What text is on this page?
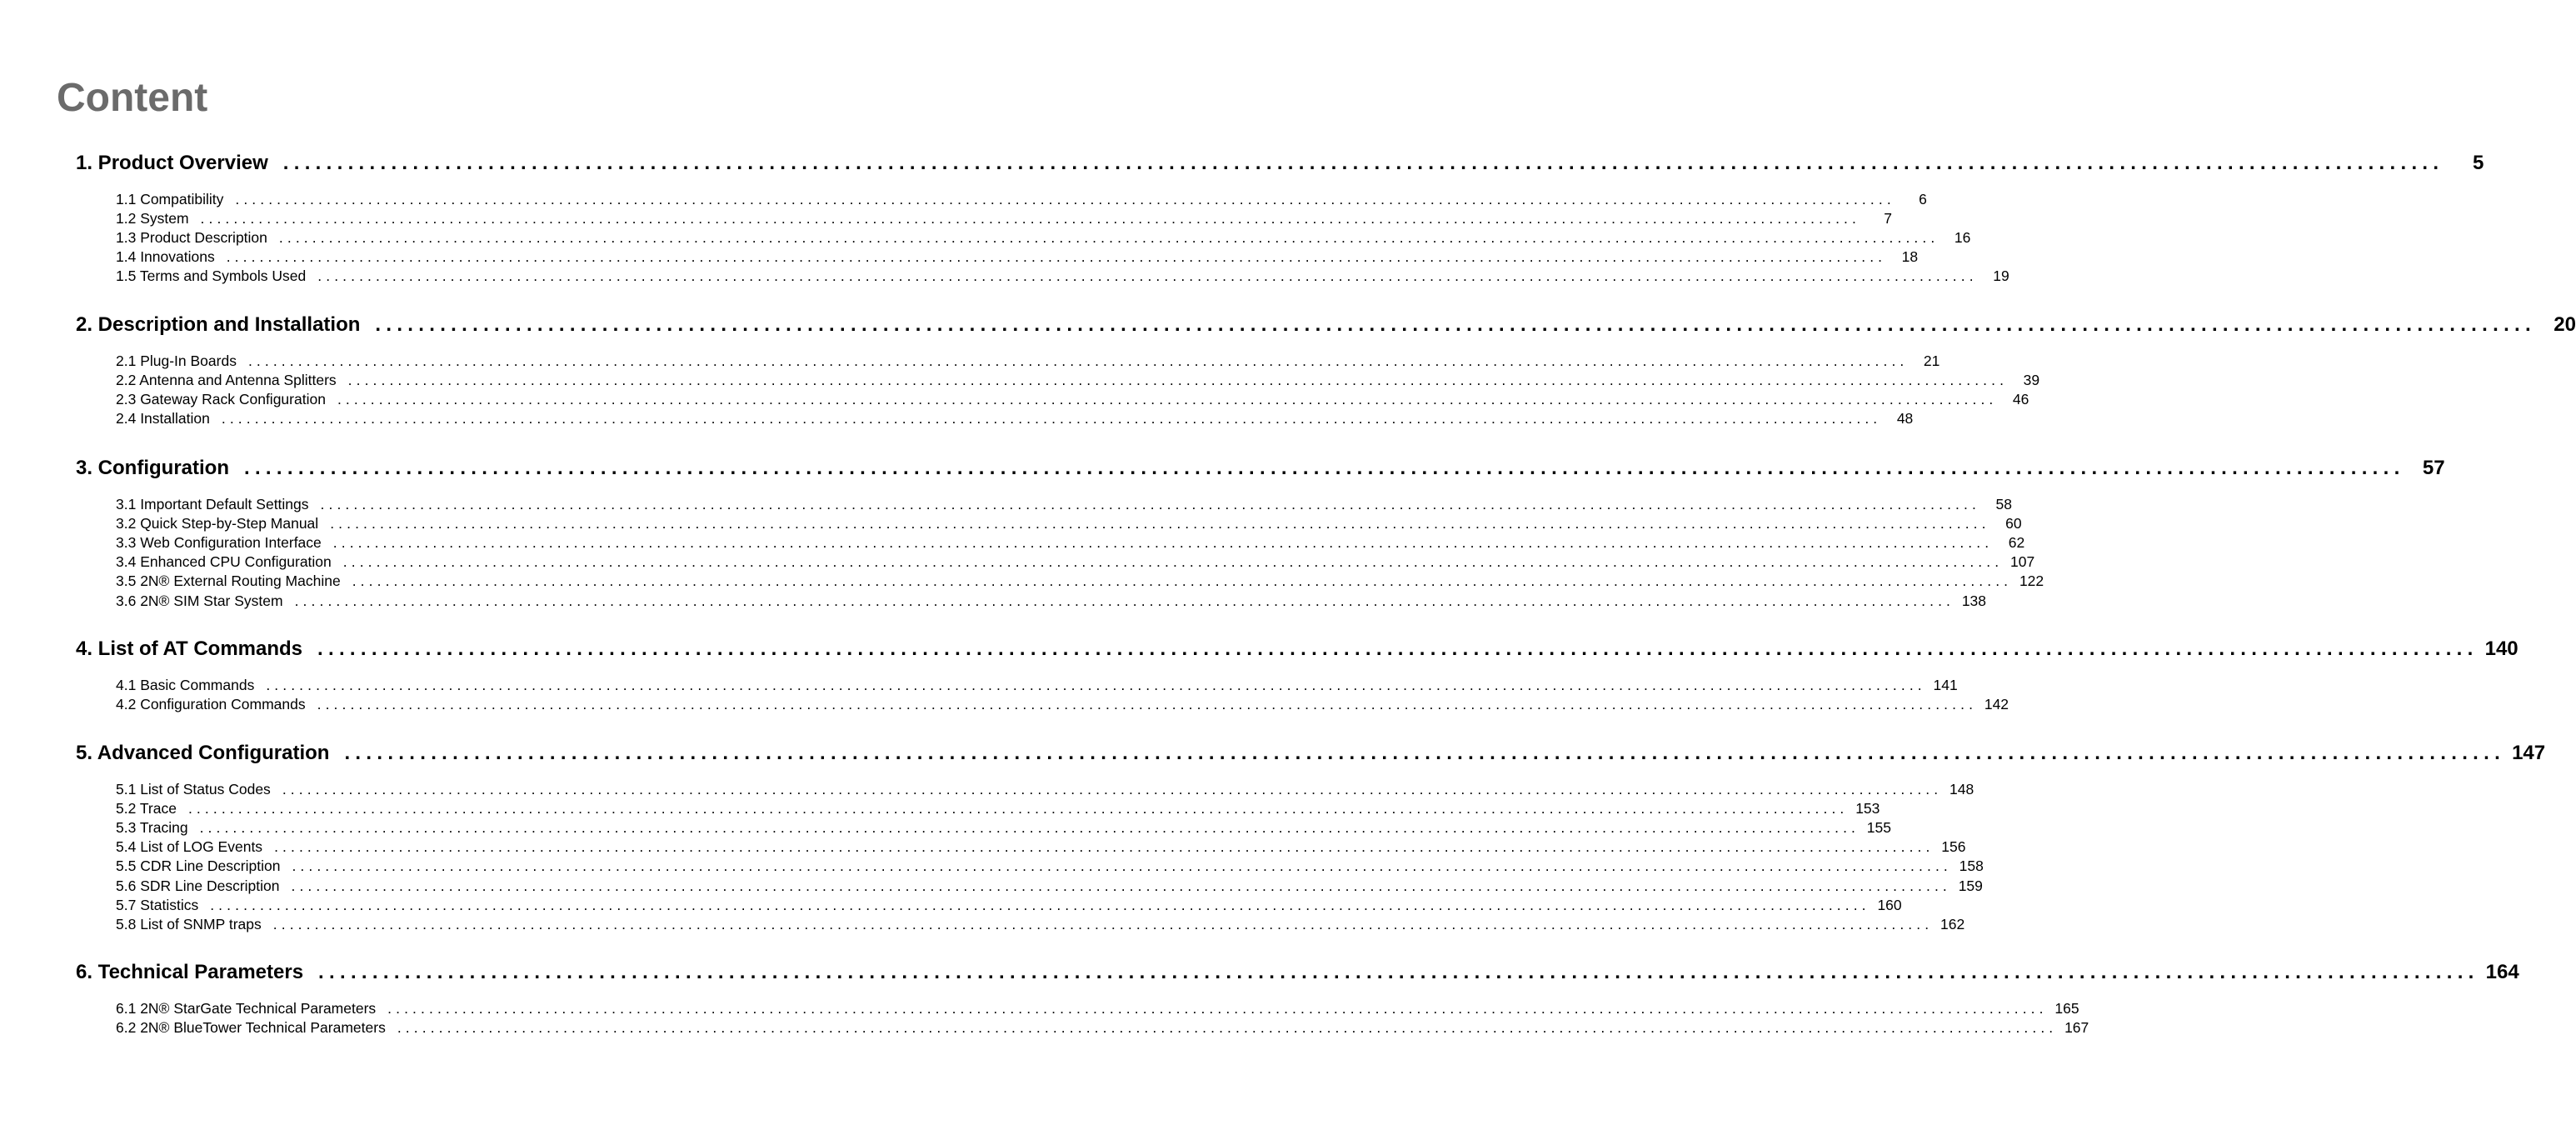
Content
1. Product Overview ........................................................................................................................................................................................................	5
1.1 Compatibility ........................................................................................................................................................................................................	6
1.2 System ........................................................................................................................................................................................................	7
1.3 Product Description ........................................................................................................................................................................................................	16
1.4 Innovations ........................................................................................................................................................................................................	18
1.5 Terms and Symbols Used ........................................................................................................................................................................................................	19
2. Description and Installation ........................................................................................................................................................................................................ 20
2.1 Plug-In Boards ........................................................................................................................................................................................................	21
2.2 Antenna and Antenna Splitters ........................................................................................................................................................................................................	39
2.3 Gateway Rack Configuration ........................................................................................................................................................................................................	46
2.4 Installation ........................................................................................................................................................................................................	48
3. Configuration ........................................................................................................................................................................................................ 57
3.1 Important Default Settings ........................................................................................................................................................................................................	58
3.2 Quick Step-by-Step Manual ........................................................................................................................................................................................................	60
3.3 Web Configuration Interface ........................................................................................................................................................................................................	62
3.4 Enhanced CPU Configuration ........................................................................................................................................................................................................ 107
3.5 2N® External Routing Machine ........................................................................................................................................................................................................ 122
3.6 2N® SIM Star System ........................................................................................................................................................................................................ 138
4. List of AT Commands ........................................................................................................................................................................................................ 140
4.1 Basic Commands ........................................................................................................................................................................................................ 141
4.2 Configuration Commands ........................................................................................................................................................................................................ 142
5. Advanced Configuration ........................................................................................................................................................................................................ 147
5.1 List of Status Codes ........................................................................................................................................................................................................ 148
5.2 Trace ........................................................................................................................................................................................................ 153
5.3 Tracing ........................................................................................................................................................................................................ 155
5.4 List of LOG Events ........................................................................................................................................................................................................ 156
5.5 CDR Line Description ........................................................................................................................................................................................................ 158
5.6 SDR Line Description ........................................................................................................................................................................................................ 159
5.7 Statistics ........................................................................................................................................................................................................ 160
5.8 List of SNMP traps ........................................................................................................................................................................................................ 162
6. Technical Parameters ........................................................................................................................................................................................................ 164
6.1 2N® StarGate Technical Parameters ........................................................................................................................................................................................................ 165
6.2 2N® BlueTower Technical Parameters ........................................................................................................................................................................................................ 167
